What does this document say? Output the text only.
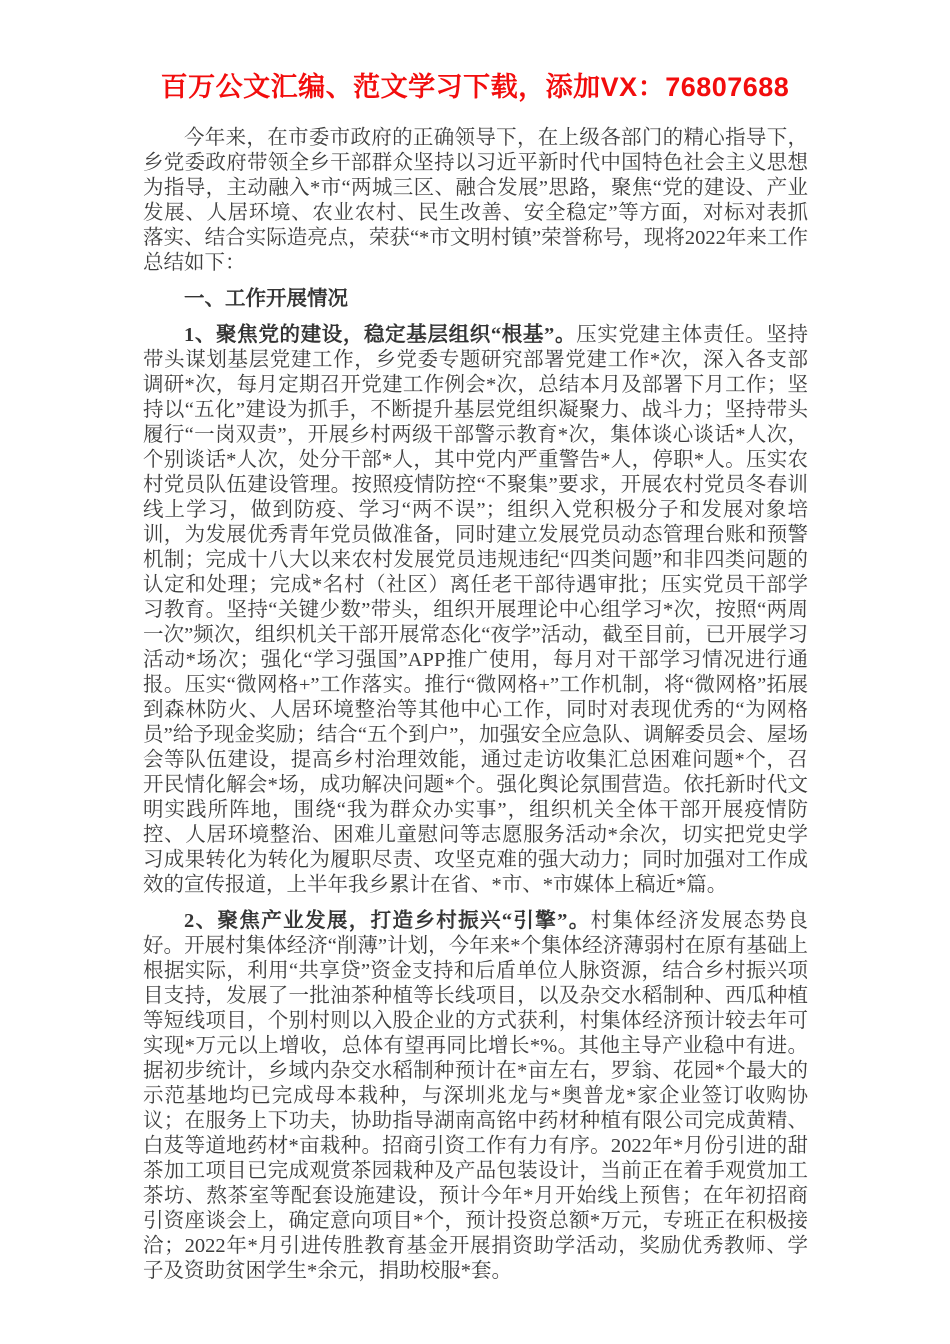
百万公文汇编、范文学习下载，添加VX：76807688

今年来，在市委市政府的正确领导下，在上级各部门的精心指导下，乡党委政府带领全乡干部群众坚持以习近平新时代中国特色社会主义思想为指导，主动融入*市“两城三区、融合发展”思路，聚焦“党的建设、产业发展、人居环境、农业农村、民生改善、安全稳定”等方面，对标对表抓落实、结合实际造亮点，荣获“*市文明村镇”荣誉称号，现将2022年来工作总结如下：

一、工作开展情况

1、聚焦党的建设，稳定基层组织“根基”。压实党建主体责任。坚持带头谋划基层党建工作，乡党委专题研究部署党建工作*次，深入各支部调研*次，每月定期召开党建工作例会*次，总结本月及部署下月工作；坚持以“五化”建设为抓手，不断提升基层党组织凝聚力、战斗力；坚持带头履行“一岗双责”，开展乡村两级干部警示教育*次，集体谈心谈话*人次，个别谈话*人次，处分干部*人，其中党内严重警告*人，停职*人。压实农村党员队伍建设管理。按照疫情防控“不聚集”要求，开展农村党员冬春训线上学习，做到防疫、学习“两不误”；组织入党积极分子和发展对象培训，为发展优秀青年党员做准备，同时建立发展党员动态管理台账和预警机制；完成十八大以来农村发展党员违规违纪“四类问题”和非四类问题的认定和处理；完成*名村（社区）离任老干部待遇审批；压实党员干部学习教育。坚持“关键少数”带头，组织开展理论中心组学习*次，按照“两周一次”频次，组织机关干部开展常态化“夜学”活动，截至目前，已开展学习活动*场次；强化“学习强国”APP推广使用，每月对干部学习情况进行通报。压实“微网格+”工作落实。推行“微网格+”工作机制，将“微网格”拓展到森林防火、人居环境整治等其他中心工作，同时对表现优秀的“为网格员”给予现金奖励；结合“五个到户”，加强安全应急队、调解委员会、屋场会等队伍建设，提高乡村治理效能，通过走访收集汇总困难问题*个，召开民情化解会*场，成功解决问题*个。强化舆论氛围营造。依托新时代文明实践所阵地，围绕“我为群众办实事”，组织机关全体干部开展疫情防控、人居环境整治、困难儿童慰问等志愿服务活动*余次，切实把党史学习成果转化为转化为履职尽责、攻坚克难的强大动力；同时加强对工作成效的宣传报道，上半年我乡累计在省、*市、*市媒体上稿近*篇。

2、聚焦产业发展，打造乡村振兴“引擎”。村集体经济发展态势良好。开展村集体经济“削薄”计划，今年来*个集体经济薄弱村在原有基础上根据实际，利用“共享贷”资金支持和后盾单位人脉资源，结合乡村振兴项目支持，发展了一批油茶种植等长线项目，以及杂交水稻制种、西瓜种植等短线项目，个别村则以入股企业的方式获利，村集体经济预计较去年可实现*万元以上增收，总体有望再同比增长*%。其他主导产业稳中有进。据初步统计，乡域内杂交水稻制种预计在*亩左右，罗翁、花园*个最大的示范基地均已完成母本栽种，与深圳兆龙与*奥普龙*家企业签订收购协议；在服务上下功夫，协助指导湖南高铭中药材种植有限公司完成黄精、白芨等道地药材*亩栽种。招商引资工作有力有序。2022年*月份引进的甜茶加工项目已完成观赏茶园栽种及产品包装设计，当前正在着手观赏加工茶坊、熬茶室等配套设施建设，预计今年*月开始线上预售；在年初招商引资座谈会上，确定意向项目*个，预计投资总额*万元，专班正在积极接洽；2022年*月引进传胜教育基金开展捐资助学活动，奖励优秀教师、学子及资助贫困学生*余元，捐助校服*套。
